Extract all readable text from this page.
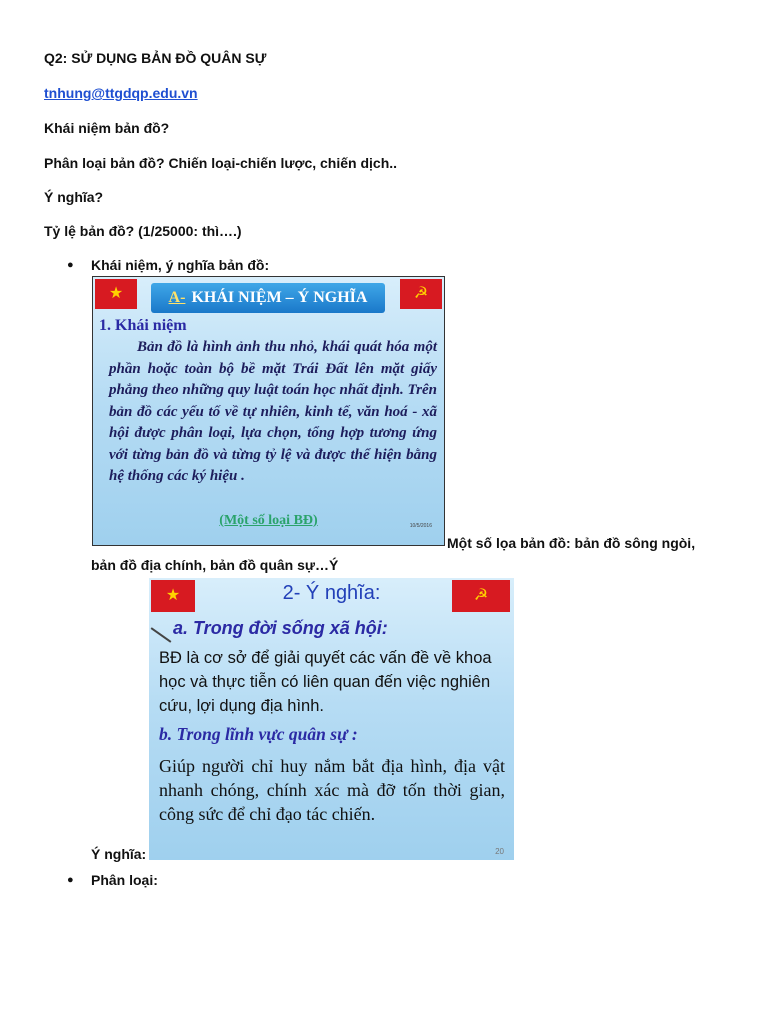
Q2: SỬ DỤNG BẢN ĐỒ QUÂN SỰ
tnhung@ttgdqp.edu.vn
Khái niệm bản đồ?
Phân loại bản đồ? Chiến loại-chiến lược, chiến dịch..
Ý nghĩa?
Tỷ lệ bản đồ? (1/25000: thì….)
● Khái niệm, ý nghĩa bản đồ:
★	☭
A- KHÁI NIỆM – Ý NGHĨA
1. Khái niệm
Bản đồ là hình ảnh thu nhỏ, khái quát hóa một phần hoặc toàn bộ bề mặt Trái Đất lên mặt giấy phẳng theo những quy luật toán học nhất định. Trên bản đồ các yếu tố về tự nhiên, kinh tế, văn hoá - xã hội được phân loại, lựa chọn, tổng hợp tương ứng với từng bản đồ và từng tỷ lệ và được thể hiện bằng hệ thống các ký hiệu .
(Một số loại BĐ)	10/5/2016
Một số lọa bản đồ: bản đồ sông ngòi,
bản đồ địa chính, bản đồ quân sự…Ý
★	☭
2- Ý nghĩa:
a. Trong đời sống xã hội:
BĐ là cơ sở để giải quyết các vấn đề về khoa học và thực tiễn có liên quan đến việc nghiên cứu, lợi dụng địa hình.
b. Trong lĩnh vực quân sự :
Giúp người chỉ huy nắm bắt địa hình, địa vật nhanh chóng, chính xác mà đỡ tốn thời gian, công sức để chỉ đạo tác chiến.
20
Ý nghĩa:
● Phân loại:
